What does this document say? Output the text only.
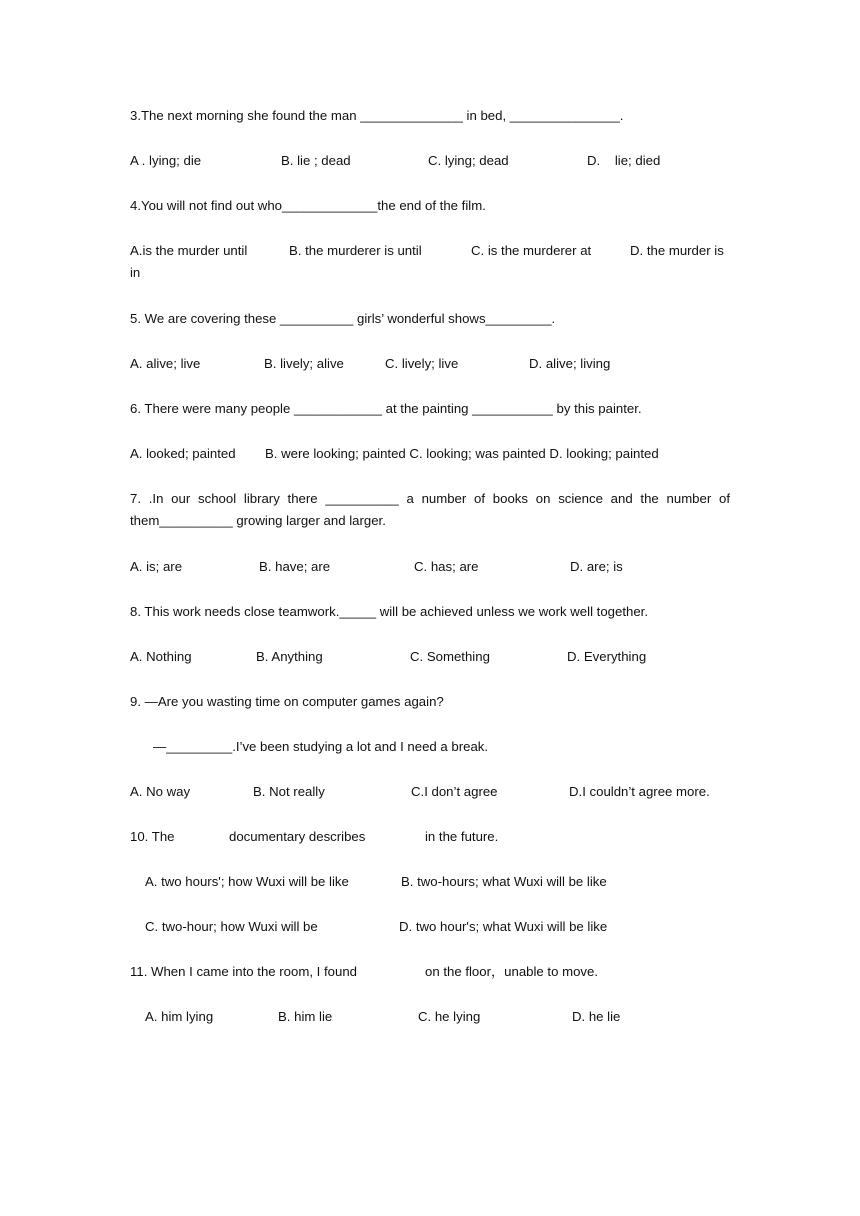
3.The next morning she found the man ______________ in bed, _______________.
A . lying; die	B. lie ; dead	C. lying; dead	D.    lie; died
4.You will not find out who_____________the end of the film.
A.is the murder until	B. the murderer is until	C. is the murderer at	D. the murder is
in
5. We are covering these __________ girls’ wonderful shows_________.
A. alive; live	B. lively; alive	C. lively; live	D. alive; living
6. There were many people ____________ at the painting ___________ by this painter.
A. looked; painted B. were looking; painted C. looking; was painted D. looking; painted
7. .In our school library there __________ a number of books on science and the number of
them__________ growing larger and larger.
A. is; are	B. have; are	C. has; are	D. are; is
8. This work needs close teamwork._____ will be achieved unless we work well together.
A. Nothing	B. Anything	C. Something	D. Everything
9. —Are you wasting time on computer games again?
—_________.I’ve been studying a lot and I need a break.
A. No way	B. Not really	C.I don’t agree	D.I couldn’t agree more.
10. The	documentary describes	in the future.
A. two hours'; how Wuxi will be like	B. two-hours; what Wuxi will be like
C. two-hour; how Wuxi will be	D. two hour's; what Wuxi will be like
11. When I came into the room, I found	on the floor，unable to move.
A. him lying	B. him lie	C. he lying	D. he lie
